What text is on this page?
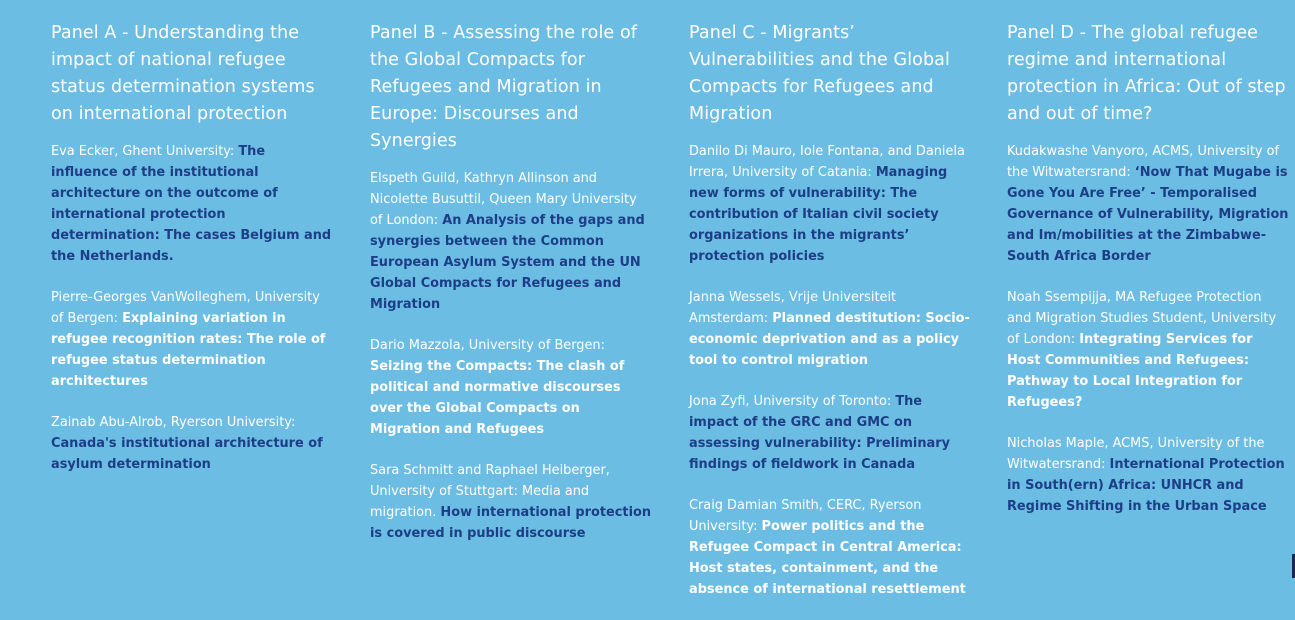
Panel A - Understanding the impact of national refugee status determination systems on international protection

Eva Ecker, Ghent University: The influence of the institutional architecture on the outcome of international protection determination: The cases Belgium and the Netherlands.

Pierre-Georges VanWolleghem, University of Bergen: Explaining variation in refugee recognition rates: The role of refugee status determination architectures

Zainab Abu-Alrob, Ryerson University: Canada's institutional architecture of asylum determination

Panel B - Assessing the role of the Global Compacts for Refugees and Migration in Europe: Discourses and Synergies

Elspeth Guild, Kathryn Allinson and Nicolette Busuttil, Queen Mary University of London: An Analysis of the gaps and synergies between the Common European Asylum System and the UN Global Compacts for Refugees and Migration

Dario Mazzola, University of Bergen: Seizing the Compacts: The clash of political and normative discourses over the Global Compacts on Migration and Refugees

Sara Schmitt and Raphael Heiberger, University of Stuttgart: Media and migration. How international protection is covered in public discourse

Panel C - Migrants’ Vulnerabilities and the Global Compacts for Refugees and Migration

Danilo Di Mauro, Iole Fontana, and Daniela Irrera, University of Catania: Managing new forms of vulnerability: The contribution of Italian civil society organizations in the migrants’ protection policies

Janna Wessels, Vrije Universiteit Amsterdam: Planned destitution: Socio-economic deprivation and as a policy tool to control migration

Jona Zyfi, University of Toronto: The impact of the GRC and GMC on assessing vulnerability: Preliminary findings of fieldwork in Canada

Craig Damian Smith, CERC, Ryerson University: Power politics and the Refugee Compact in Central America: Host states, containment, and the absence of international resettlement

Panel D - The global refugee regime and international protection in Africa: Out of step and out of time?

Kudakwashe Vanyoro, ACMS, University of the Witwatersrand: ‘Now That Mugabe is Gone You Are Free’ - Temporalised Governance of Vulnerability, Migration and Im/mobilities at the Zimbabwe-South Africa Border

Noah Ssempijja, MA Refugee Protection and Migration Studies Student, University of London: Integrating Services for Host Communities and Refugees: Pathway to Local Integration for Refugees?

Nicholas Maple, ACMS, University of the Witwatersrand: International Protection in South(ern) Africa: UNHCR and Regime Shifting in the Urban Space
